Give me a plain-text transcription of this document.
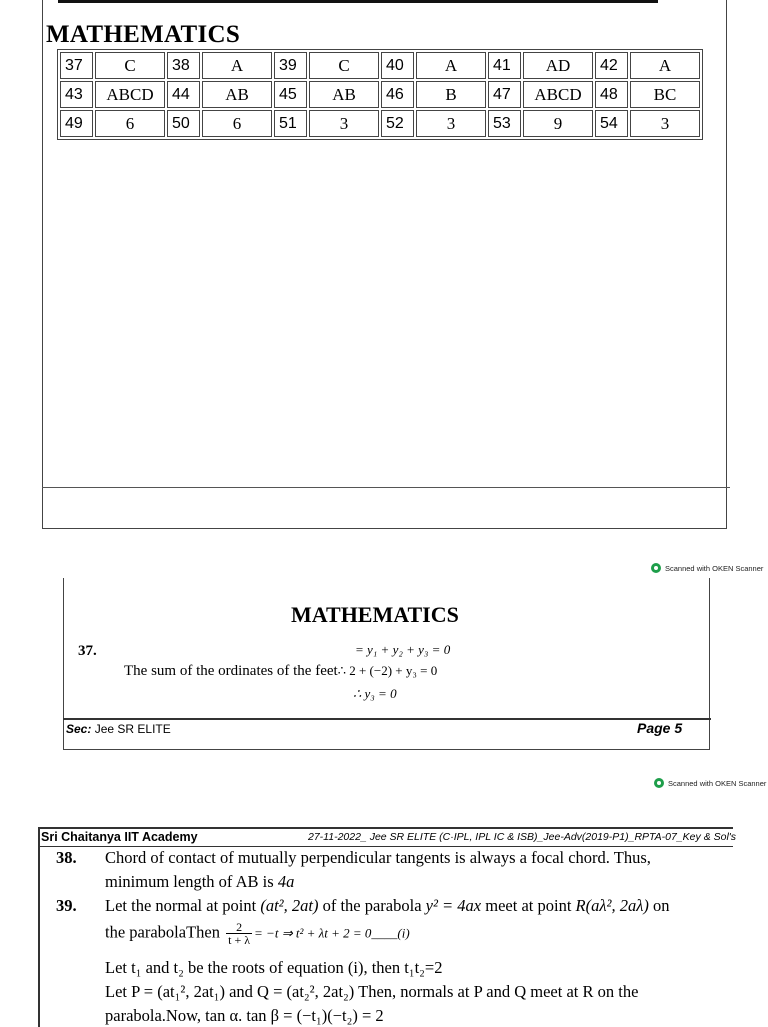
MATHEMATICS
37	C	38	A	39	C	40	A	41	AD	42	A
43	ABCD	44	AB	45	AB	46	B	47	ABCD	48	BC
49	6	50	6	51	3	52	3	53	9	54	3
Scanned with OKEN Scanner
MATHEMATICS
37.	= y₁ + y₂ + y₃ = 0
The sum of the ordinates of the feet∴ 2 + (−2) + y₃ = 0
∴ y₃ = 0
Sec: Jee SR ELITE	Page 5
Scanned with OKEN Scanner
Sri Chaitanya IIT Academy	27-11-2022_ Jee SR ELITE (C·IPL, IPL IC & ISB)_Jee-Adv(2019-P1)_RPTA-07_Key & Sol's
38. Chord of contact of mutually perpendicular tangents is always a focal chord. Thus,
minimum length of AB is 4a
39. Let the normal at point (at², 2at) of the parabola y² = 4ax meet at point R(aλ², 2aλ) on
the parabolaThen $\frac{2}{t + \lambda} = -t$ ⇒ t² + λt + 2 = 0____(i)
Let t₁ and t₂ be the roots of equation (i), then t₁t₂=2
Let P = (at₁², 2at₁) and Q = (at₂², 2at₂) Then, normals at P and Q meet at R on the
parabola.Now, tan α. tan β = (−t₁)(−t₂) = 2
